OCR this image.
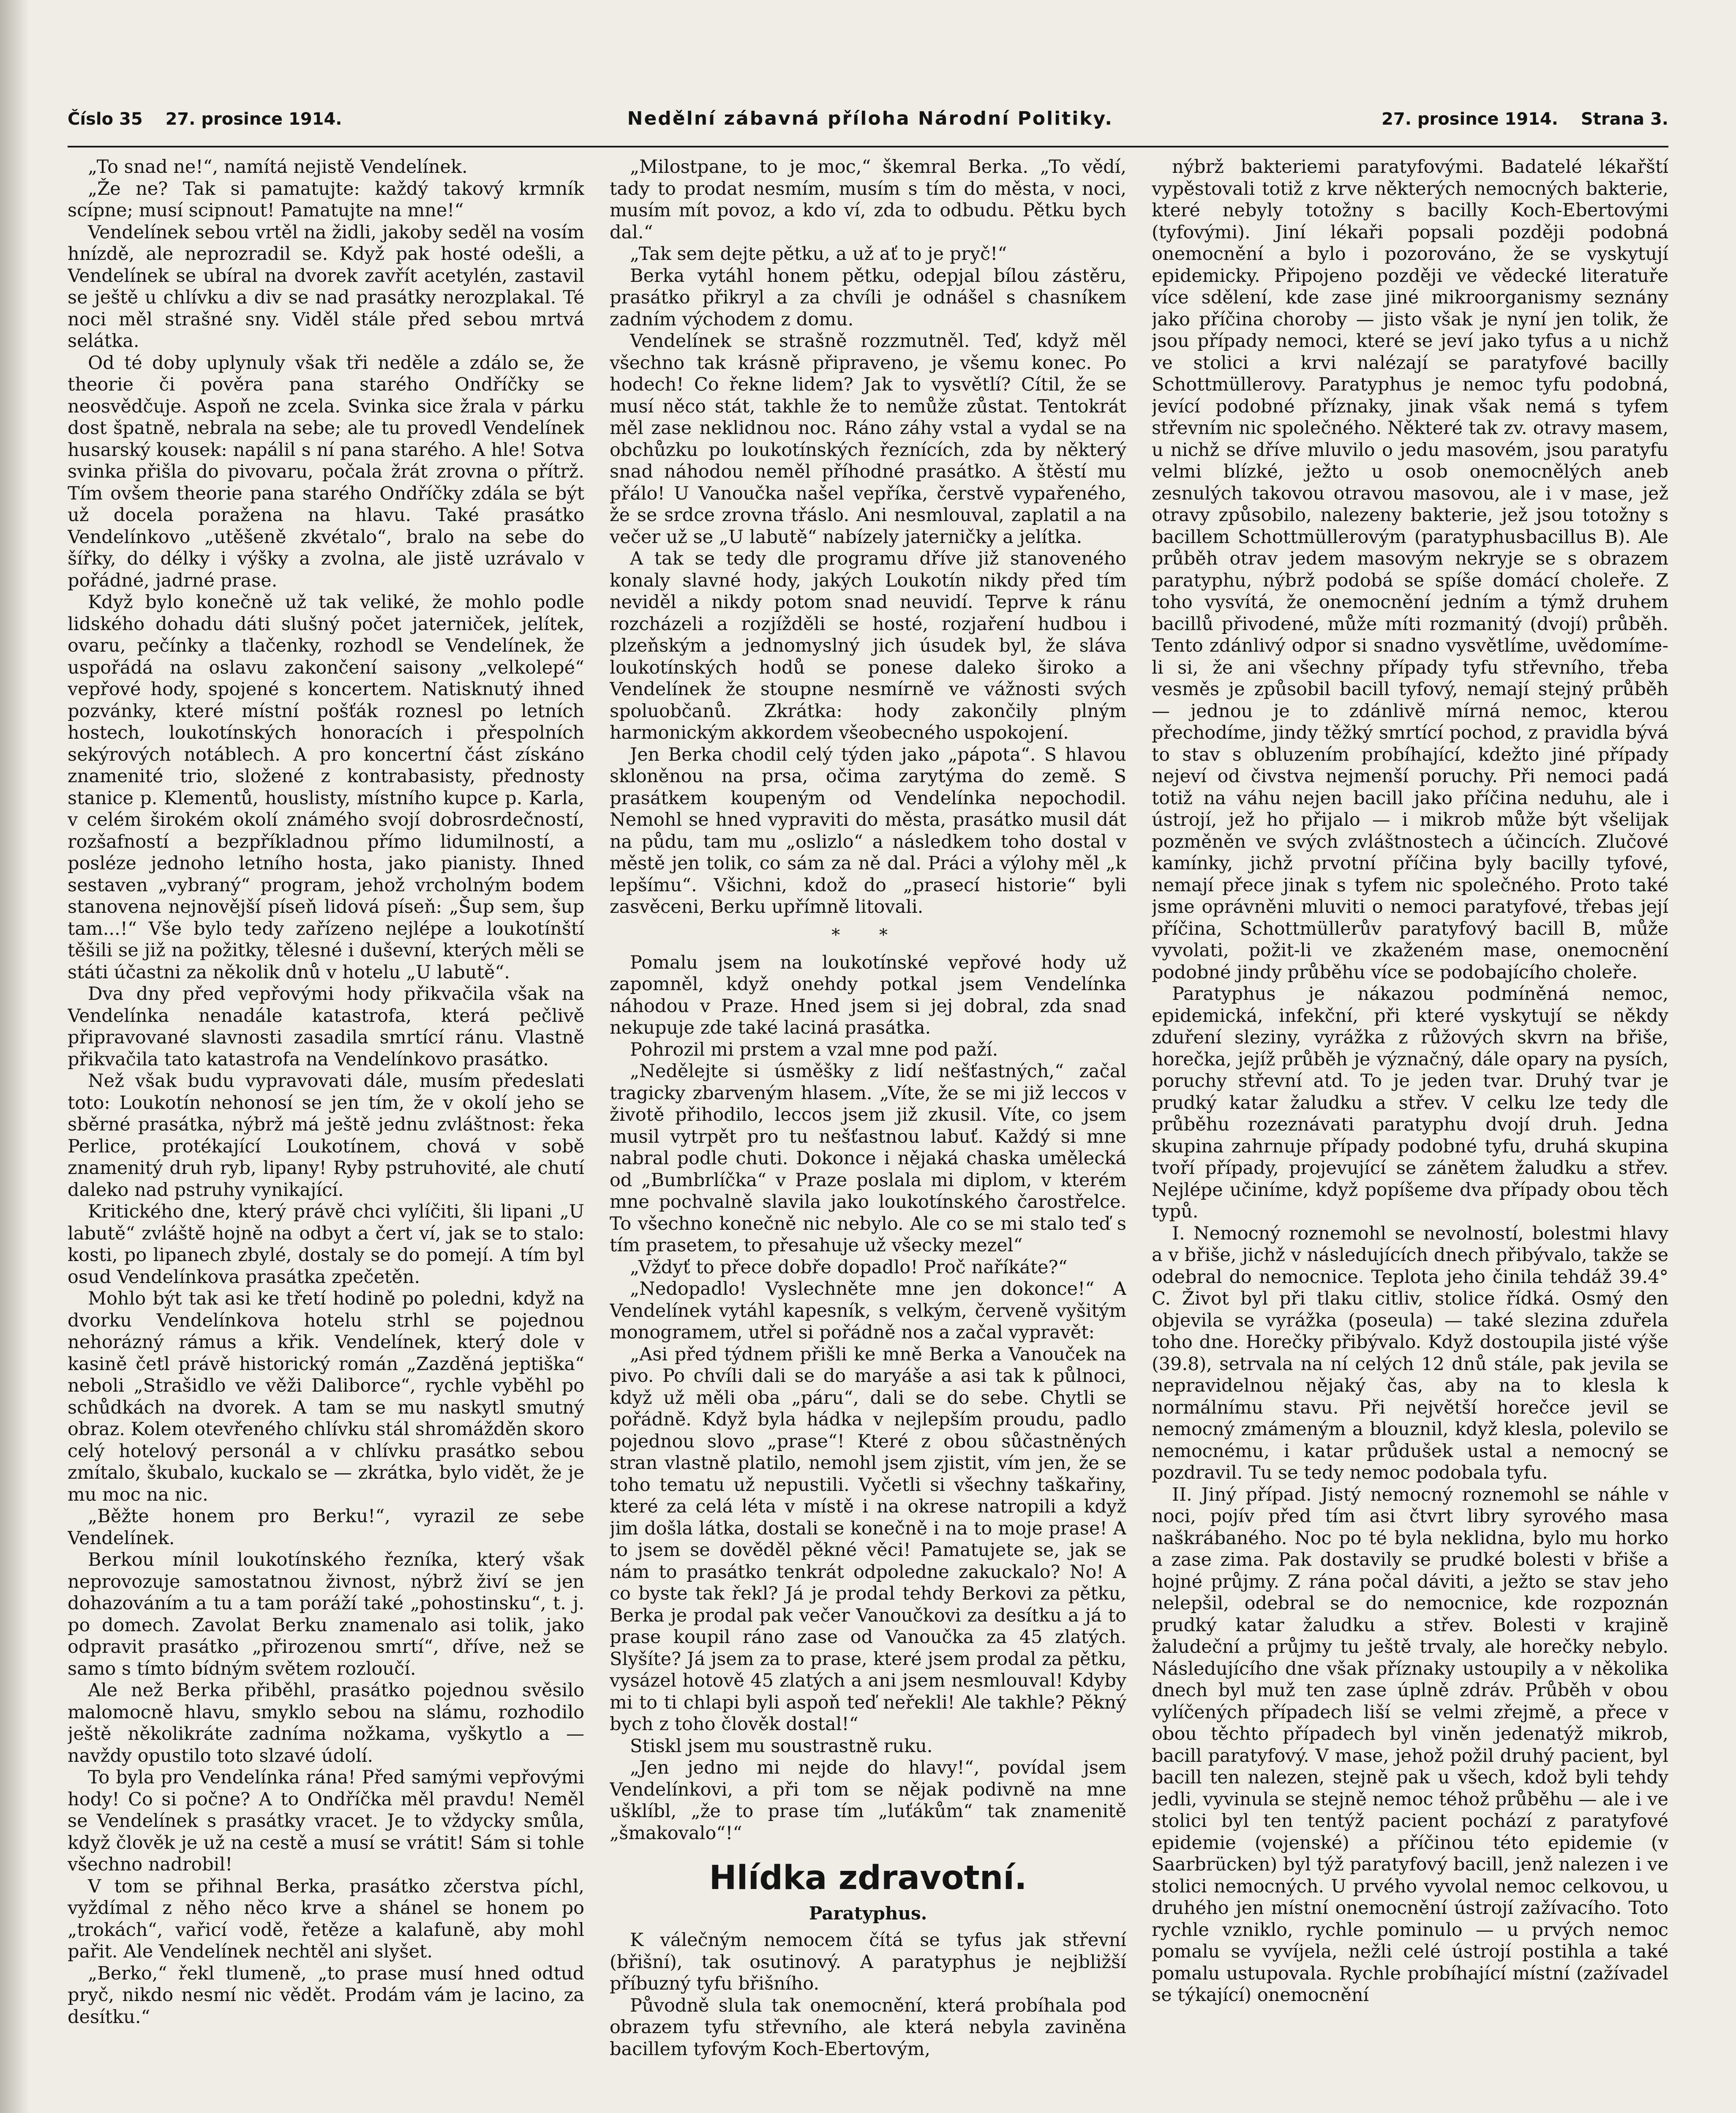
Číslo 35 27. prosince 1914.	Nedělní zábavná příloha Národní Politiky.	27. prosince 1914. Strana 3.

„To snad ne!“, namítá nejistě Vendelínek.

„Že ne? Tak si pamatujte: každý takový krmník scípne; musí scipnout! Pamatujte na mne!“

Vendelínek sebou vrtěl na židli, jakoby seděl na vosím hnízdě, ale neprozradil se. Když pak hosté odešli, a Vendelínek se ubíral na dvorek zavřít acetylén, zastavil se ještě u chlívku a div se nad prasátky nerozplakal. Té noci měl strašné sny. Viděl stále před sebou mrtvá selátka.

Od té doby uplynuly však tři neděle a zdálo se, že theorie či pověra pana starého Ondříčky se neosvědčuje. Aspoň ne zcela. Svinka sice žrala v párku dost špatně, nebrala na sebe; ale tu provedl Vendelínek husarský kousek: napálil s ní pana starého. A hle! Sotva svinka přišla do pivovaru, počala žrát zrovna o přítrž. Tím ovšem theorie pana starého Ondříčky zdála se být už docela poražena na hlavu. Také prasátko Vendelínkovo „utěšeně zkvétalo“, bralo na sebe do šířky, do délky i výšky a zvolna, ale jistě uzrávalo v pořádné, jadrné prase.

Když bylo konečně už tak veliké, že mohlo podle lidského dohadu dáti slušný počet jaterniček, jelítek, ovaru, pečínky a tlačenky, rozhodl se Vendelínek, že uspořádá na oslavu zakončení saisony „velkolepé“ vepřové hody, spojené s koncertem. Natisknutý ihned pozvánky, které místní pošťák roznesl po letních hostech, loukotínských honoracích i přespolních sekýrových notáblech. A pro koncertní část získáno znamenité trio, složené z kontrabasisty, přednosty stanice p. Klementů, houslisty, místního kupce p. Karla, v celém širokém okolí známého svojí dobrosrdečností, rozšafností a bezpříkladnou přímo lidumilností, a posléze jednoho letního hosta, jako pianisty. Ihned sestaven „vybraný“ program, jehož vrcholným bodem stanovena nejnovější píseň lidová píseň: „Šup sem, šup tam...!“ Vše bylo tedy zařízeno nejlépe a loukotínští těšili se již na požitky, tělesné i duševní, kterých měli se státi účastni za několik dnů v hotelu „U labutě“.

Dva dny před vepřovými hody přikvačila však na Vendelínka nenadále katastrofa, která pečlivě připravované slavnosti zasadila smrtící ránu. Vlastně přikvačila tato katastrofa na Vendelínkovo prasátko.

Než však budu vypravovati dále, musím předeslati toto: Loukotín nehonosí se jen tím, že v okolí jeho se sběrné prasátka, nýbrž má ještě jednu zvláštnost: řeka Perlice, protékající Loukotínem, chová v sobě znamenitý druh ryb, lipany! Ryby pstruhovité, ale chutí daleko nad pstruhy vynikající.

Kritického dne, který právě chci vylíčiti, šli lipani „U labutě“ zvláště hojně na odbyt a čert ví, jak se to stalo: kosti, po lipanech zbylé, dostaly se do pomejí. A tím byl osud Vendelínkova prasátka zpečetěn.

Mohlo být tak asi ke třetí hodině po poledni, když na dvorku Vendelínkova hotelu strhl se pojednou nehorázný rámus a křik. Vendelínek, který dole v kasině četl právě historický román „Zazděná jeptiška“ neboli „Strašidlo ve věži Daliborce“, rychle vyběhl po schůdkách na dvorek. A tam se mu naskytl smutný obraz. Kolem otevřeného chlívku stál shromážděn skoro celý hotelový personál a v chlívku prasátko sebou zmítalo, škubalo, kuckalo se — zkrátka, bylo vidět, že je mu moc na nic.

„Běžte honem pro Berku!“, vyrazil ze sebe Vendelínek.

Berkou mínil loukotínského řezníka, který však neprovozuje samostatnou živnost, nýbrž živí se jen dohazováním a tu a tam poráží také „pohostinsku“, t. j. po domech. Zavolat Berku znamenalo asi tolik, jako odpravit prasátko „přirozenou smrtí“, dříve, než se samo s tímto bídným světem rozloučí.

Ale než Berka přiběhl, prasátko pojednou svěsilo malomocně hlavu, smyklo sebou na slámu, rozhodilo ještě několikráte zadníma nožkama, vyškytlo a — navždy opustilo toto slzavé údolí.

To byla pro Vendelínka rána! Před samými vepřovými hody! Co si počne? A to Ondříčka měl pravdu! Neměl se Vendelínek s prasátky vracet. Je to vždycky smůla, když člověk je už na cestě a musí se vrátit! Sám si tohle všechno nadrobil!

V tom se přihnal Berka, prasátko zčerstva píchl, vyždímal z něho něco krve a shánel se honem po „trokách“, vařicí vodě, řetěze a kalafuně, aby mohl pařit. Ale Vendelínek nechtěl ani slyšet.

„Berko,“ řekl tlumeně, „to prase musí hned odtud pryč, nikdo nesmí nic vědět. Prodám vám je lacino, za desítku.“

„Milostpane, to je moc,“ škemral Berka. „To vědí, tady to prodat nesmím, musím s tím do města, v noci, musím mít povoz, a kdo ví, zda to odbudu. Pětku bych dal.“

„Tak sem dejte pětku, a už ať to je pryč!“

Berka vytáhl honem pětku, odepjal bílou zástěru, prasátko přikryl a za chvíli je odnášel s chasníkem zadním východem z domu.

Vendelínek se strašně rozzmutněl. Teď, když měl všechno tak krásně připraveno, je všemu konec. Po hodech! Co řekne lidem? Jak to vysvětlí? Cítil, že se musí něco stát, takhle že to nemůže zůstat. Tentokrát měl zase neklidnou noc. Ráno záhy vstal a vydal se na obchůzku po loukotínských řeznících, zda by některý snad náhodou neměl příhodné prasátko. A štěstí mu přálo! U Vanoučka našel vepříka, čerstvě vypařeného, že se srdce zrovna třáslo. Ani nesmlouval, zaplatil a na večer už se „U labutě“ nabízely jaterničky a jelítka.

A tak se tedy dle programu dříve již stanoveného konaly slavné hody, jakých Loukotín nikdy před tím neviděl a nikdy potom snad neuvidí. Teprve k ránu rozcházeli a rozjížděli se hosté, rozjaření hudbou i plzeňským a jednomyslný jich úsudek byl, že sláva loukotínských hodů se ponese daleko široko a Vendelínek že stoupne nesmírně ve vážnosti svých spoluobčanů. Zkrátka: hody zakončily plným harmonickým akkordem všeobecného uspokojení.

Jen Berka chodil celý týden jako „pápota“. S hlavou skloněnou na prsa, očima zarytýma do země. S prasátkem koupeným od Vendelínka nepochodil. Nemohl se hned vypraviti do města, prasátko musil dát na půdu, tam mu „oslizlo“ a následkem toho dostal v městě jen tolik, co sám za ně dal. Práci a výlohy měl „k lepšímu“. Všichni, kdož do „prasecí historie“ byli zasvěceni, Berku upřímně litovali.

* *

Pomalu jsem na loukotínské vepřové hody už zapomněl, když onehdy potkal jsem Vendelínka náhodou v Praze. Hned jsem si jej dobral, zda snad nekupuje zde také laciná prasátka.

Pohrozil mi prstem a vzal mne pod paží.

„Nedělejte si úsměšky z lidí nešťastných,“ začal tragicky zbarveným hlasem. „Víte, že se mi již leccos v životě přihodilo, leccos jsem již zkusil. Víte, co jsem musil vytrpět pro tu nešťastnou labuť. Každý si mne nabral podle chuti. Dokonce i nějaká chaska umělecká od „Bumbrlíčka“ v Praze poslala mi diplom, v kterém mne pochvalně slavila jako loukotínského čarostřelce. To všechno konečně nic nebylo. Ale co se mi stalo teď s tím prasetem, to přesahuje už všecky mezel“

„Vždyť to přece dobře dopadlo! Proč naříkáte?“

„Nedopadlo! Vyslechněte mne jen dokonce!“ A Vendelínek vytáhl kapesník, s velkým, červeně vyšitým monogramem, utřel si pořádně nos a začal vypravět:

„Asi před týdnem přišli ke mně Berka a Vanouček na pivo. Po chvíli dali se do maryáše a asi tak k půlnoci, když už měli oba „páru“, dali se do sebe. Chytli se pořádně. Když byla hádka v nejlepším proudu, padlo pojednou slovo „prase“! Které z obou sůčastněných stran vlastně platilo, nemohl jsem zjistit, vím jen, že se toho tematu už nepustili. Vyčetli si všechny taškařiny, které za celá léta v místě i na okrese natropili a když jim došla látka, dostali se konečně i na to moje prase! A to jsem se dověděl pěkné věci! Pamatujete se, jak se nám to prasátko tenkrát odpoledne zakuckalo? No! A co byste tak řekl? Já je prodal tehdy Berkovi za pětku, Berka je prodal pak večer Vanoučkovi za desítku a já to prase koupil ráno zase od Vanoučka za 45 zlatých. Slyšíte? Já jsem za to prase, které jsem prodal za pětku, vysázel hotově 45 zlatých a ani jsem nesmlouval! Kdyby mi to ti chlapi byli aspoň teď neřekli! Ale takhle? Pěkný bych z toho člověk dostal!“

Stiskl jsem mu soustrastně ruku.

„Jen jedno mi nejde do hlavy!“, povídal jsem Vendelínkovi, a při tom se nějak podivně na mne ušklíbl, „že to prase tím „luťákům“ tak znamenitě „šmakovalo“!“

Hlídka zdravotní.
Paratyphus.

K válečným nemocem čítá se tyfus jak střevní (břišní), tak osutinový. A paratyphus je nejbližší příbuzný tyfu břišního.

Původně slula tak onemocnění, která probíhala pod obrazem tyfu střevního, ale která nebyla zaviněna bacillem tyfovým Koch-Ebertovým,

nýbrž bakteriemi paratyfovými. Badatelé lékařští vypěstovali totiž z krve některých nemocných bakterie, které nebyly totožny s bacilly Koch-Ebertovými (tyfovými). Jiní lékaři popsali později podobná onemocnění a bylo i pozorováno, že se vyskytují epidemicky. Připojeno později ve vědecké literatuře více sdělení, kde zase jiné mikroorganismy seznány jako příčina choroby — jisto však je nyní jen tolik, že jsou případy nemoci, které se jeví jako tyfus a u nichž ve stolici a krvi nalézají se paratyfové bacilly Schottmüllerovy. Paratyphus je nemoc tyfu podobná, jevící podobné příznaky, jinak však nemá s tyfem střevním nic společného. Některé tak zv. otravy masem, u nichž se dříve mluvilo o jedu masovém, jsou paratyfu velmi blízké, ježto u osob onemocnělých aneb zesnulých takovou otravou masovou, ale i v mase, jež otravy způsobilo, nalezeny bakterie, jež jsou totožny s bacillem Schottmüllerovým (paratyphusbacillus B). Ale průběh otrav jedem masovým nekryje se s obrazem paratyphu, nýbrž podobá se spíše domácí choleře. Z toho vysvítá, že onemocnění jedním a týmž druhem bacillů přivodené, může míti rozmanitý (dvojí) průběh. Tento zdánlivý odpor si snadno vysvětlíme, uvědomíme-li si, že ani všechny případy tyfu střevního, třeba vesměs je způsobil bacill tyfový, nemají stejný průběh — jednou je to zdánlivě mírná nemoc, kterou přechodíme, jindy těžký smrtící pochod, z pravidla bývá to stav s obluzením probíhající, kdežto jiné případy nejeví od čivstva nejmenší poruchy. Při nemoci padá totiž na váhu nejen bacill jako příčina neduhu, ale i ústrojí, jež ho přijalo — i mikrob může být všelijak pozměněn ve svých zvláštnostech a účincích. Zlučové kamínky, jichž prvotní příčina byly bacilly tyfové, nemají přece jinak s tyfem nic společného. Proto také jsme oprávněni mluviti o nemoci paratyfové, třebas její příčina, Schottmüllerův paratyfový bacill B, může vyvolati, požit-li ve zkaženém mase, onemocnění podobné jindy průběhu více se podobajícího choleře.

Paratyphus je nákazou podmíněná nemoc, epidemická, infekční, při které vyskytují se někdy zduření sleziny, vyrážka z růžových skvrn na břiše, horečka, jejíž průběh je význačný, dále opary na pysích, poruchy střevní atd. To je jeden tvar. Druhý tvar je prudký katar žaludku a střev. V celku lze tedy dle průběhu rozeznávati paratyphu dvojí druh. Jedna skupina zahrnuje případy podobné tyfu, druhá skupina tvoří případy, projevující se zánětem žaludku a střev. Nejlépe učiníme, když popíšeme dva případy obou těch typů.

I. Nemocný roznemohl se nevolností, bolestmi hlavy a v břiše, jichž v následujících dnech přibývalo, takže se odebral do nemocnice. Teplota jeho činila tehdáž 39.4° C. Život byl při tlaku citliv, stolice řídká. Osmý den objevila se vyrážka (poseula) — také slezina zduřela toho dne. Horečky přibývalo. Když dostoupila jisté výše (39.8), setrvala na ní celých 12 dnů stále, pak jevila se nepravidelnou nějaký čas, aby na to klesla k normálnímu stavu. Při největší horečce jevil se nemocný zmámeným a blouznil, když klesla, polevilo se nemocnému, i katar průdušek ustal a nemocný se pozdravil. Tu se tedy nemoc podobala tyfu.

II. Jiný případ. Jistý nemocný roznemohl se náhle v noci, pojív před tím asi čtvrt libry syrového masa naškrábaného. Noc po té byla neklidna, bylo mu horko a zase zima. Pak dostavily se prudké bolesti v břiše a hojné průjmy. Z rána počal dáviti, a ježto se stav jeho nelepšil, odebral se do nemocnice, kde rozpoznán prudký katar žaludku a střev. Bolesti v krajině žaludeční a průjmy tu ještě trvaly, ale horečky nebylo. Následujícího dne však příznaky ustoupily a v několika dnech byl muž ten zase úplně zdráv. Průběh v obou vylíčených případech liší se velmi zřejmě, a přece v obou těchto případech byl viněn jedenatýž mikrob, bacill paratyfový. V mase, jehož požil druhý pacient, byl bacill ten nalezen, stejně pak u všech, kdož byli tehdy jedli, vyvinula se stejně nemoc téhož průběhu — ale i ve stolici byl ten tentýž pacient pochází z paratyfové epidemie (vojenské) a příčinou této epidemie (v Saarbrücken) byl týž paratyfový bacill, jenž nalezen i ve stolici nemocných. U prvého vyvolal nemoc celkovou, u druhého jen místní onemocnění ústrojí zažívacího. Toto rychle vzniklo, rychle pominulo — u prvých nemoc pomalu se vyvíjela, nežli celé ústrojí postihla a také pomalu ustupovala. Rychle probíhající místní (zažívadel se týkající) onemocnění
